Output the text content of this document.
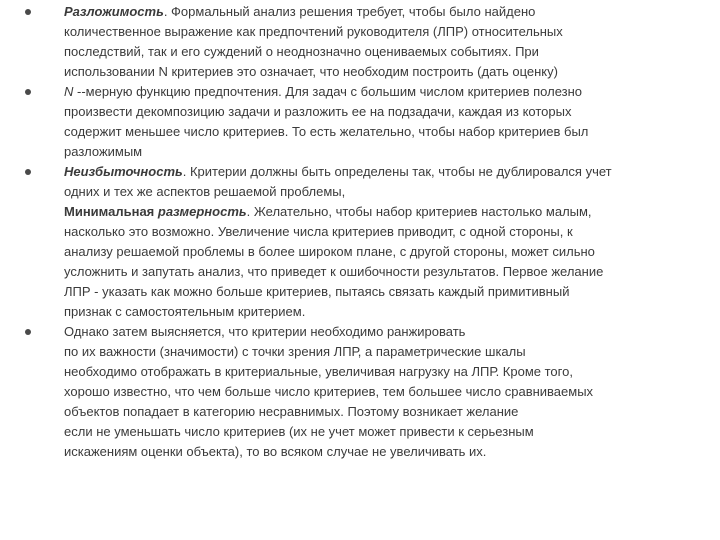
Разложимость. Формальный анализ решения требует, чтобы было найдено
количественное выражение как предпочтений руководителя (ЛПР) относительных
последствий, так и его суждений о неоднозначно оцениваемых событиях. При
использовании N критериев это означает, что необходим построить (дать оценку)
N --мерную функцию предпочтения. Для задач с большим числом критериев полезно
произвести декомпозицию задачи и разложить ее на подзадачи, каждая из которых
содержит меньшее число критериев. То есть желательно, чтобы набор критериев был
разложимым
Неизбыточность. Критерии должны быть определены так, чтобы не дублировался учет
одних и тех же аспектов решаемой проблемы,
Минимальная размерность. Желательно, чтобы набор критериев настолько малым,
насколько это возможно. Увеличение числа критериев приводит, с одной стороны, к
анализу решаемой проблемы в более широком плане, с другой стороны, может сильно
усложнить и запутать анализ, что приведет к ошибочности результатов. Первое желание
ЛПР - указать как можно больше критериев, пытаясь связать каждый примитивный
признак с самостоятельным критерием.
Однако затем выясняется, что критерии необходимо ранжировать
по их важности (значимости) с точки зрения ЛПР, а параметрические шкалы
необходимо отображать в критериальные, увеличивая нагрузку на ЛПР. Кроме того,
хорошо известно, что чем больше число критериев, тем большее число сравниваемых
объектов попадает в категорию несравнимых. Поэтому возникает желание
если не уменьшать число критериев (их не учет может привести к серьезным
искажениям оценки объекта), то во всяком случае не увеличивать их.
